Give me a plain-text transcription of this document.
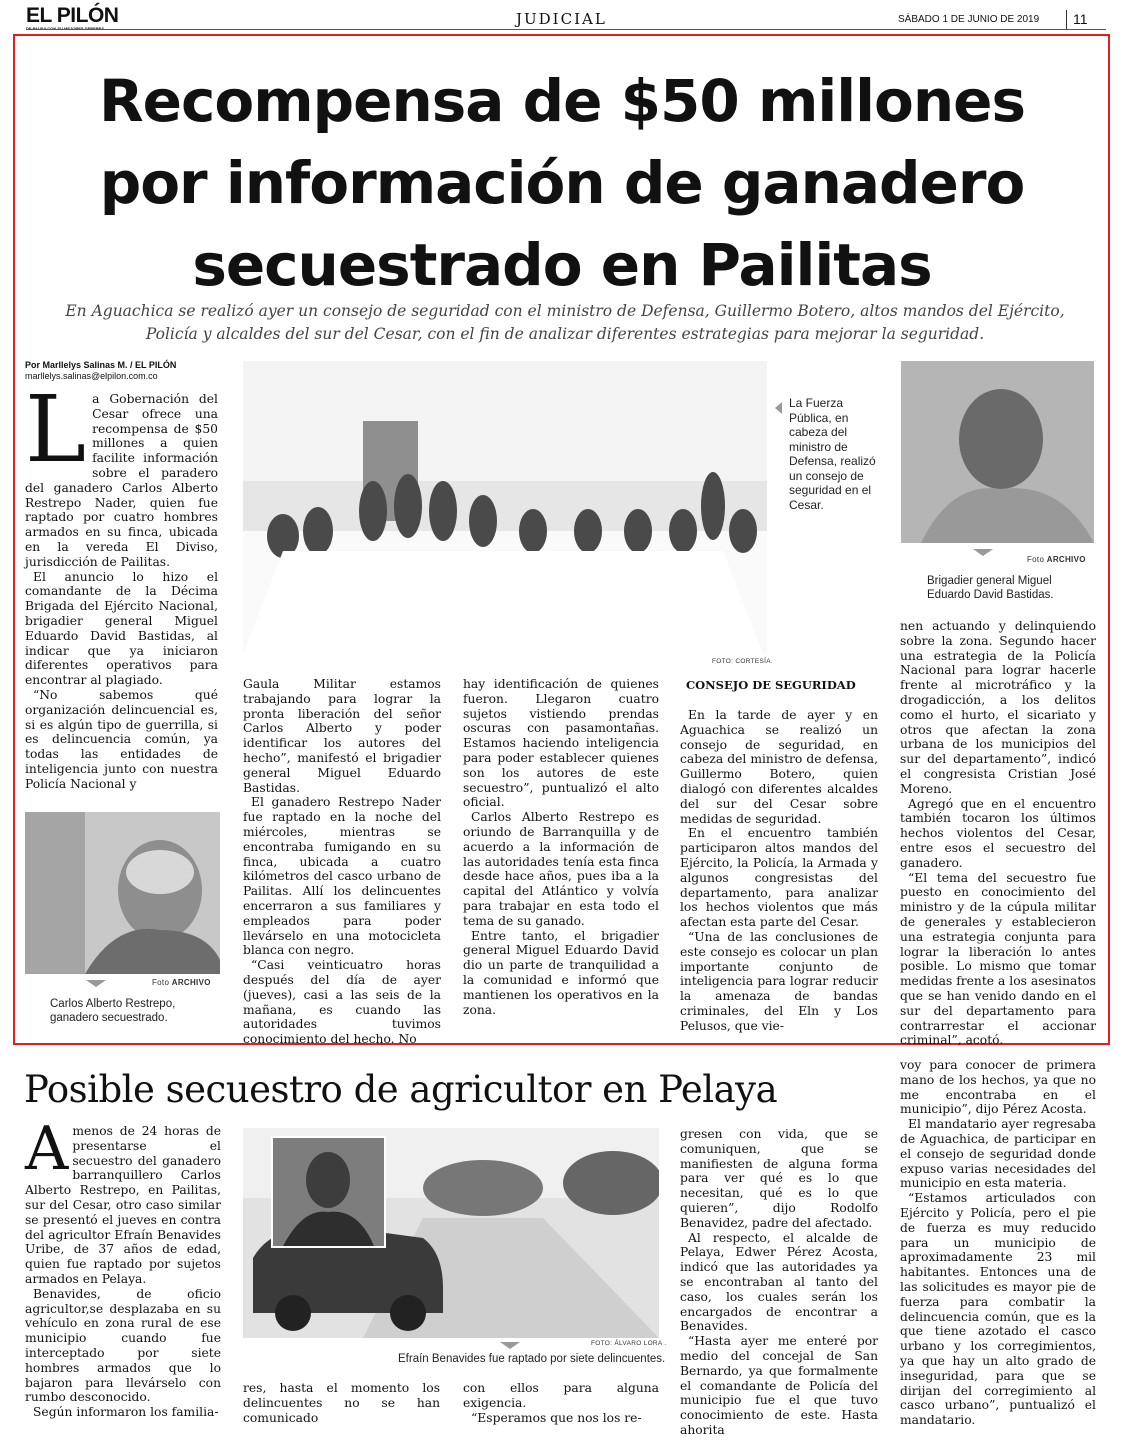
EL PILÓN	JUDICIAL	SÁBADO 1 DE JUNIO DE 2019 11
Recompensa de $50 millones
por información de ganadero
secuestrado en Pailitas
En Aguachica se realizó ayer un consejo de seguridad con el ministro de Defensa, Guillermo Botero, altos mandos del Ejército, Policía y alcaldes del sur del Cesar, con el fin de analizar diferentes estrategias para mejorar la seguridad.
Por Marllelys Salinas M. / EL PILÓN
marllelys.salinas@elpilon.com.co
L a Gobernación del Cesar ofrece una recompensa de $50 millones a quien facilite información sobre el paradero del ganadero Carlos Alberto Restrepo Nader, quien fue raptado por cuatro hombres armados en su finca, ubicada en la vereda El Diviso, jurisdicción de Pailitas.

El anuncio lo hizo el comandante de la Décima Brigada del Ejército Nacional, brigadier general Miguel Eduardo David Bastidas, al indicar que ya iniciaron diferentes operativos para encontrar al plagiado.

“No sabemos qué organización delincuencial es, si es algún tipo de guerrilla, si es delincuencia común, ya todas las entidades de inteligencia junto con nuestra Policía Nacional y

Foto ARCHIVO
Carlos Alberto Restrepo, ganadero secuestrado.
La Fuerza Pública, en cabeza del ministro de Defensa, realizó un consejo de seguridad en el Cesar.
FOTO: CORTESÍA.
Foto ARCHIVO
Brigadier general Miguel Eduardo David Bastidas.
Gaula Militar estamos trabajando para lograr la pronta liberación del señor Carlos Alberto y poder identificar los autores del hecho”, manifestó el brigadier general Miguel Eduardo Bastidas.

El ganadero Restrepo Nader fue raptado en la noche del miércoles, mientras se encontraba fumigando en su finca, ubicada a cuatro kilómetros del casco urbano de Pailitas. Allí los delincuentes encerraron a sus familiares y empleados para poder llevárselo en una motocicleta blanca con negro.

“Casi veinticuatro horas después del día de ayer (jueves), casi a las seis de la mañana, es cuando las autoridades tuvimos conocimiento del hecho. No

hay identificación de quienes fueron. Llegaron cuatro sujetos vistiendo prendas oscuras con pasamontañas. Estamos haciendo inteligencia para poder establecer quienes son los autores de este secuestro”, puntualizó el alto oficial.

Carlos Alberto Restrepo es oriundo de Barranquilla y de acuerdo a la información de las autoridades tenía esta finca desde hace años, pues iba a la capital del Atlántico y volvía para trabajar en esta todo el tema de su ganado.

Entre tanto, el brigadier general Miguel Eduardo David dio un parte de tranquilidad a la comunidad e informó que mantienen los operativos en la zona.

CONSEJO DE SEGURIDAD

En la tarde de ayer y en Aguachica se realizó un consejo de seguridad, en cabeza del ministro de defensa, Guillermo Botero, quien dialogó con diferentes alcaldes del sur del Cesar sobre medidas de seguridad.

En el encuentro también participaron altos mandos del Ejército, la Policía, la Armada y algunos congresistas del departamento, para analizar los hechos violentos que más afectan esta parte del Cesar.

“Una de las conclusiones de este consejo es colocar un plan importante conjunto de inteligencia para lograr reducir la amenaza de bandas criminales, del Eln y Los Pelusos, que vie-

nen actuando y delinquiendo sobre la zona. Segundo hacer una estrategia de la Policía Nacional para lograr hacerle frente al microtráfico y la drogadicción, a los delitos como el hurto, el sicariato y otros que afectan la zona urbana de los municipios del sur del departamento”, indicó el congresista Cristian José Moreno.

Agregó que en el encuentro también tocaron los últimos hechos violentos del Cesar, entre esos el secuestro del ganadero.

“El tema del secuestro fue puesto en conocimiento del ministro y de la cúpula militar de generales y establecieron una estrategia conjunta para lograr la liberación lo antes posible. Lo mismo que tomar medidas frente a los asesinatos que se han venido dando en el sur del departamento para contrarrestar el accionar criminal”, acotó.

Posible secuestro de agricultor en Pelaya
A menos de 24 horas de presentarse el secuestro del ganadero barranquillero Carlos Alberto Restrepo, en Pailitas, sur del Cesar, otro caso similar se presentó el jueves en contra del agricultor Efraín Benavides Uribe, de 37 años de edad, quien fue raptado por sujetos armados en Pelaya.

Benavides, de oficio agricultor,se desplazaba en su vehículo en zona rural de ese municipio cuando fue interceptado por siete hombres armados que lo bajaron para llevárselo con rumbo desconocido.

Según informaron los familia-

FOTO: ÁLVARO LORA .
Efraín Benavides fue raptado por siete delincuentes.
res, hasta el momento los delincuentes no se han comunicado
con ellos para alguna exigencia.

“Esperamos que nos los re-

gresen con vida, que se comuniquen, que se manifiesten de alguna forma para ver qué es lo que necesitan, qué es lo que quieren”, dijo Rodolfo Benavidez, padre del afectado.

Al respecto, el alcalde de Pelaya, Edwer Pérez Acosta, indicó que las autoridades ya se encontraban al tanto del caso, los cuales serán los encargados de encontrar a Benavides.

“Hasta ayer me enteré por medio del concejal de San Bernardo, ya que formalmente el comandante de Policía del municipio fue el que tuvo conocimiento de este. Hasta ahorita

voy para conocer de primera mano de los hechos, ya que no me encontraba en el municipio”, dijo Pérez Acosta.

El mandatario ayer regresaba de Aguachica, de participar en el consejo de seguridad donde expuso varias necesidades del municipio en esta materia.

“Estamos articulados con Ejército y Policía, pero el pie de fuerza es muy reducido para un municipio de aproximadamente 23 mil habitantes. Entonces una de las solicitudes es mayor pie de fuerza para combatir la delincuencia común, que es la que tiene azotado el casco urbano y los corregimientos, ya que hay un alto grado de inseguridad, para que se dirijan del corregimiento al casco urbano”, puntualizó el mandatario.
